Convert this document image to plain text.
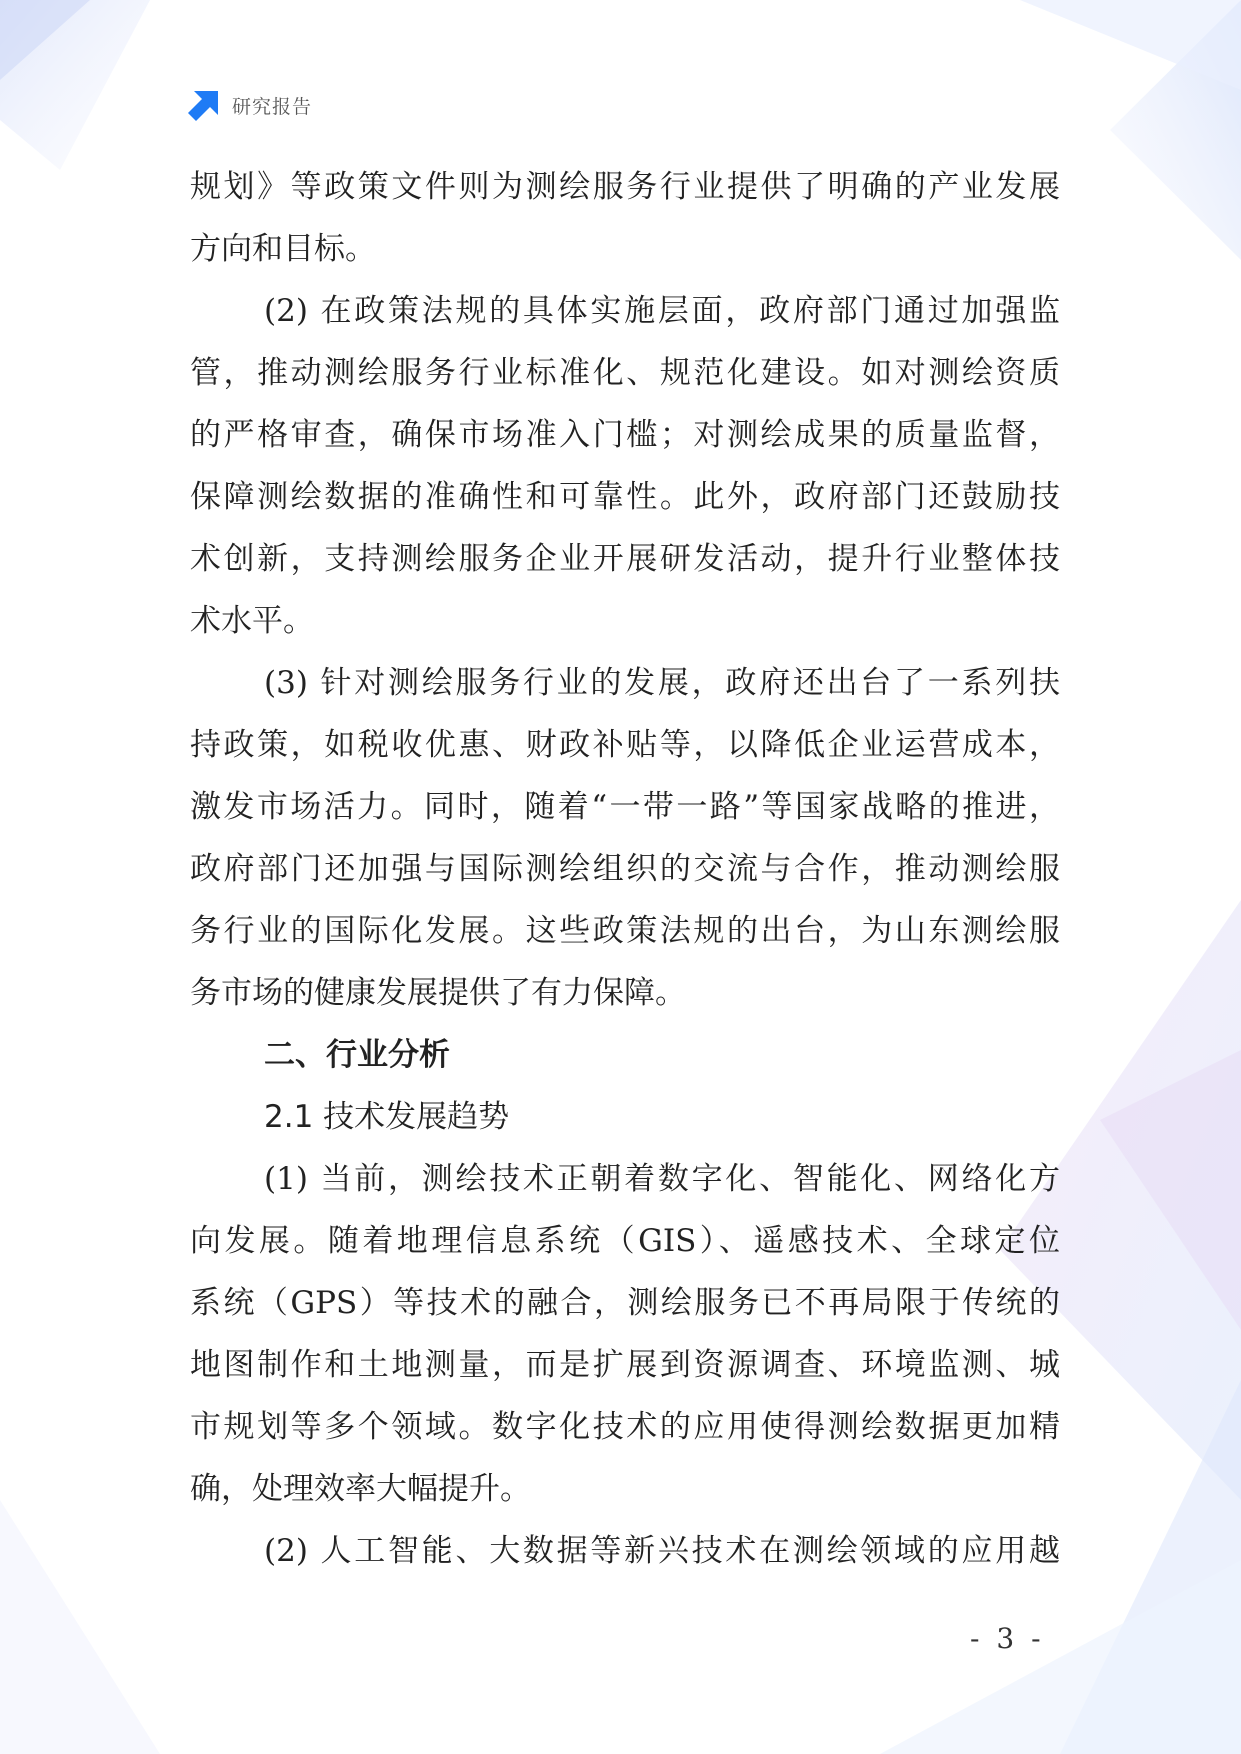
研究报告
规划》等政策文件则为测绘服务行业提供了明确的产业发展
方向和目标。
(2) 在政策法规的具体实施层面，政府部门通过加强监
管，推动测绘服务行业标准化、规范化建设。如对测绘资质
的严格审查，确保市场准入门槛；对测绘成果的质量监督，
保障测绘数据的准确性和可靠性。此外，政府部门还鼓励技
术创新，支持测绘服务企业开展研发活动，提升行业整体技
术水平。
(3) 针对测绘服务行业的发展，政府还出台了一系列扶
持政策，如税收优惠、财政补贴等，以降低企业运营成本，
激发市场活力。同时，随着“一带一路”等国家战略的推进，
政府部门还加强与国际测绘组织的交流与合作，推动测绘服
务行业的国际化发展。这些政策法规的出台，为山东测绘服
务市场的健康发展提供了有力保障。
二、行业分析
2.1 技术发展趋势
(1) 当前，测绘技术正朝着数字化、智能化、网络化方
向发展。随着地理信息系统（GIS）、遥感技术、全球定位
系统（GPS）等技术的融合，测绘服务已不再局限于传统的
地图制作和土地测量，而是扩展到资源调查、环境监测、城
市规划等多个领域。数字化技术的应用使得测绘数据更加精
确，处理效率大幅提升。
(2) 人工智能、大数据等新兴技术在测绘领域的应用越
- 3 -
